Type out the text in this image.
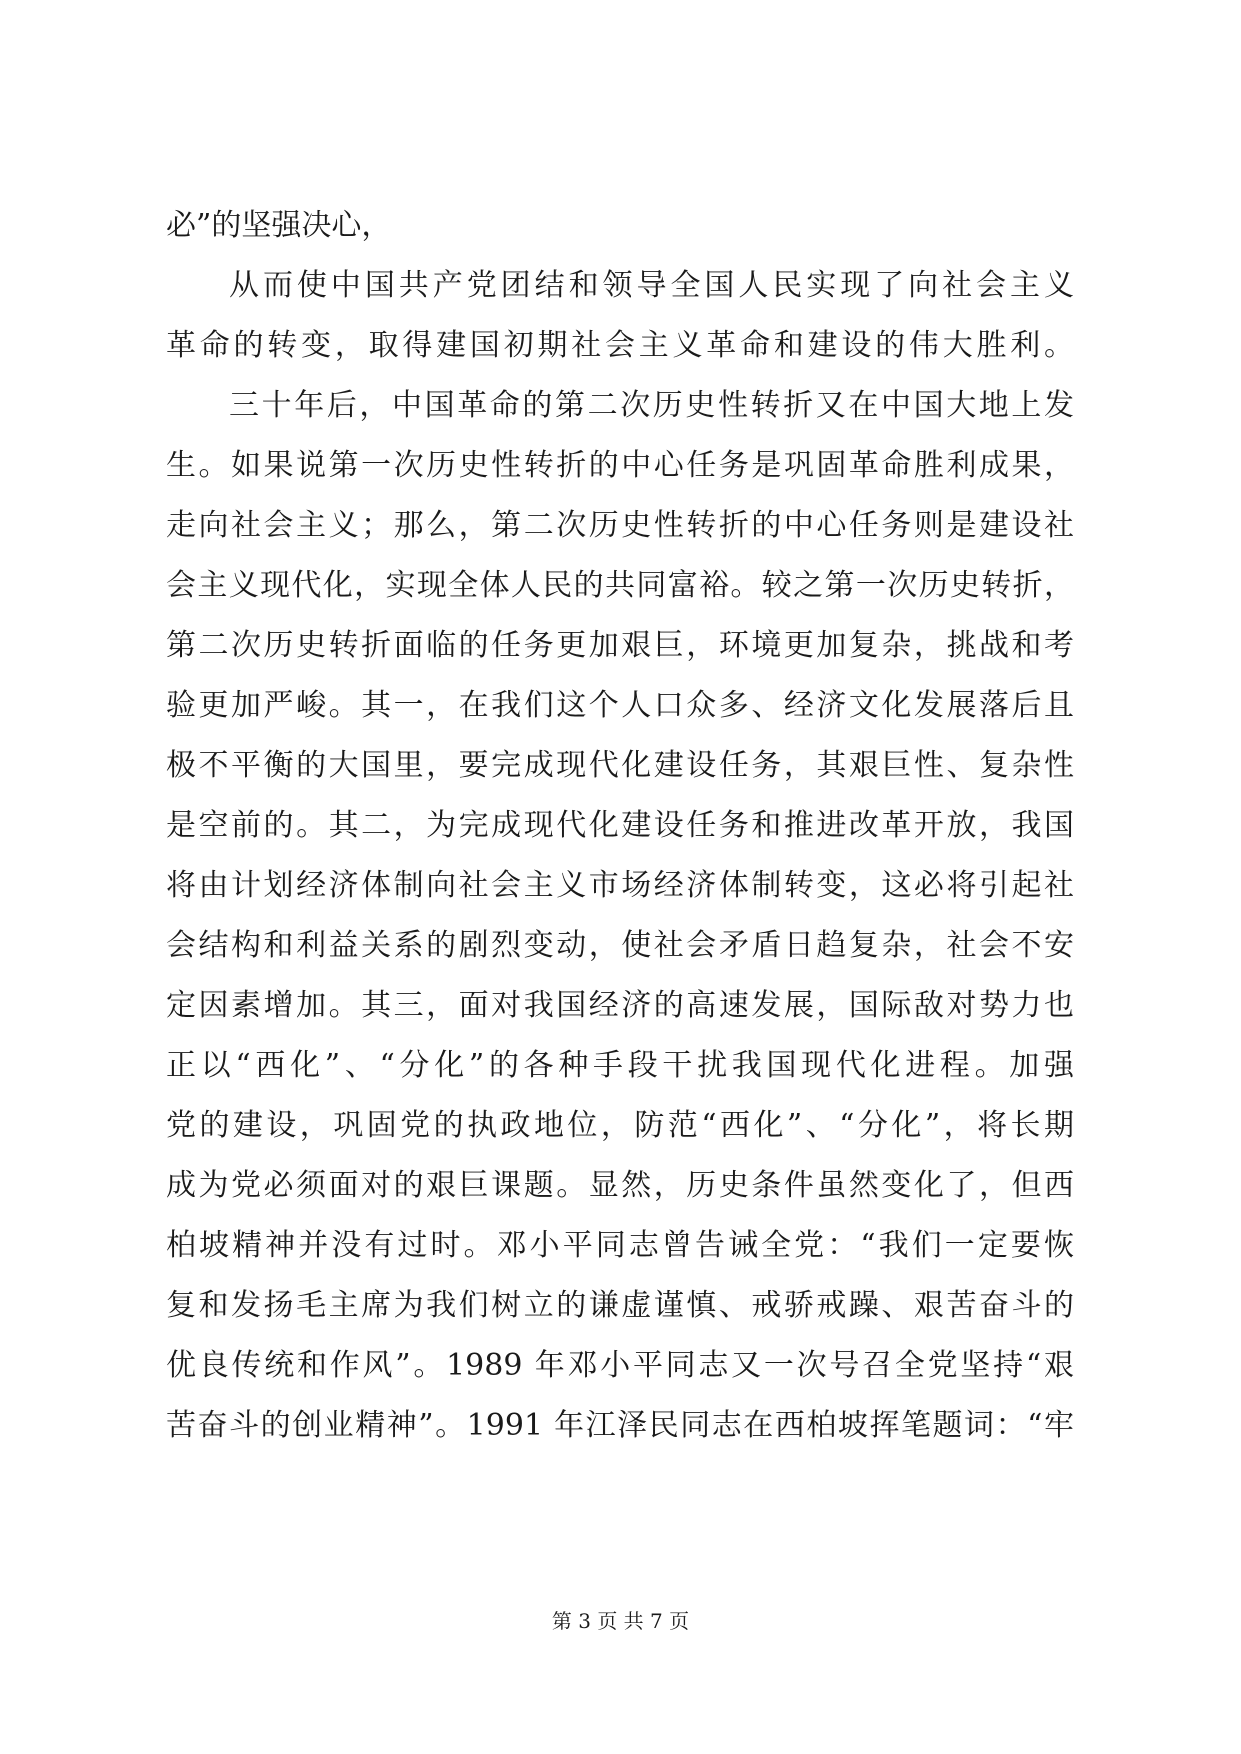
必”的坚强决心，
从而使中国共产党团结和领导全国人民实现了向社会主义
革命的转变，取得建国初期社会主义革命和建设的伟大胜利。
三十年后，中国革命的第二次历史性转折又在中国大地上发
生。如果说第一次历史性转折的中心任务是巩固革命胜利成果，
走向社会主义；那么，第二次历史性转折的中心任务则是建设社
会主义现代化，实现全体人民的共同富裕。较之第一次历史转折，
第二次历史转折面临的任务更加艰巨，环境更加复杂，挑战和考
验更加严峻。其一，在我们这个人口众多、经济文化发展落后且
极不平衡的大国里，要完成现代化建设任务，其艰巨性、复杂性
是空前的。其二，为完成现代化建设任务和推进改革开放，我国
将由计划经济体制向社会主义市场经济体制转变，这必将引起社
会结构和利益关系的剧烈变动，使社会矛盾日趋复杂，社会不安
定因素增加。其三，面对我国经济的高速发展，国际敌对势力也
正以“西化”、“分化”的各种手段干扰我国现代化进程。加强
党的建设，巩固党的执政地位，防范“西化”、“分化”，将长期
成为党必须面对的艰巨课题。显然，历史条件虽然变化了，但西
柏坡精神并没有过时。邓小平同志曾告诫全党：“我们一定要恢
复和发扬毛主席为我们树立的谦虚谨慎、戒骄戒躁、艰苦奋斗的
优良传统和作风”。1989 年邓小平同志又一次号召全党坚持“艰
苦奋斗的创业精神”。1991 年江泽民同志在西柏坡挥笔题词：“牢
第 3 页 共 7 页
